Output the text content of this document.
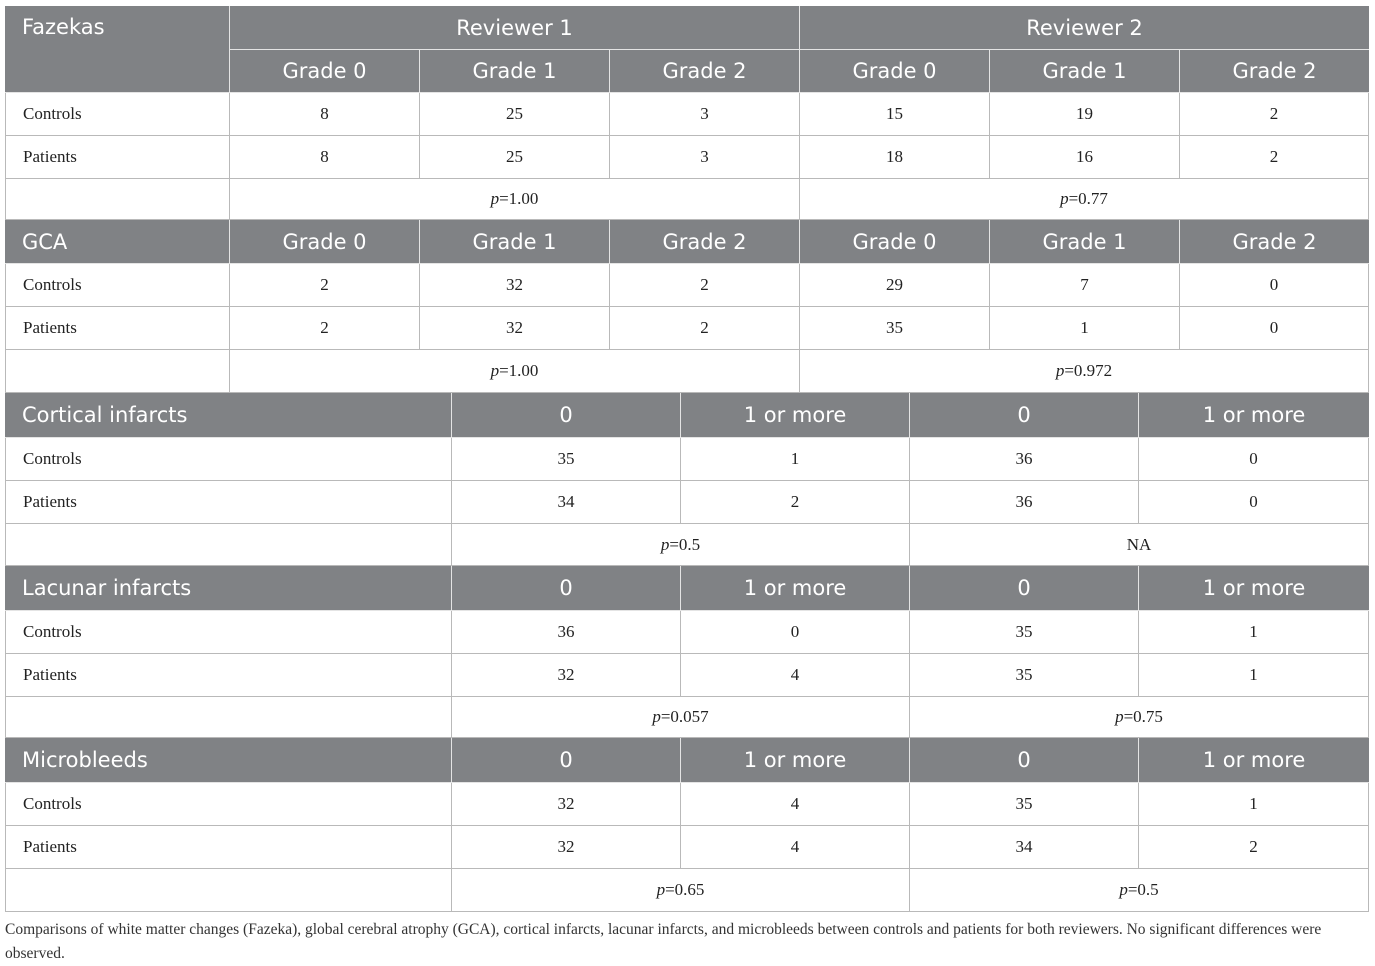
Fazekas	Reviewer 1	Reviewer 2
Grade 0	Grade 1	Grade 2	Grade 0	Grade 1	Grade 2
Controls	8	25	3	15	19	2
Patients	8	25	3	18	16	2
p = 1.00	p = 0.77
GCA	Grade 0	Grade 1	Grade 2	Grade 0	Grade 1	Grade 2
Controls	2	32	2	29	7	0
Patients	2	32	2	35	1	0
p = 1.00	p = 0.972
Cortical infarcts	0	1 or more	0	1 or more
Controls	35	1	36	0
Patients	34	2	36	0
p = 0.5	NA
Lacunar infarcts	0	1 or more	0	1 or more
Controls	36	0	35	1
Patients	32	4	35	1
p = 0.057	p = 0.75
Microbleeds	0	1 or more	0	1 or more
Controls	32	4	35	1
Patients	32	4	34	2
p = 0.65	p = 0.5
Comparisons of white matter changes (Fazeka), global cerebral atrophy (GCA), cortical infarcts, lacunar infarcts, and microbleeds between controls and patients for both reviewers. No significant differences were observed.
